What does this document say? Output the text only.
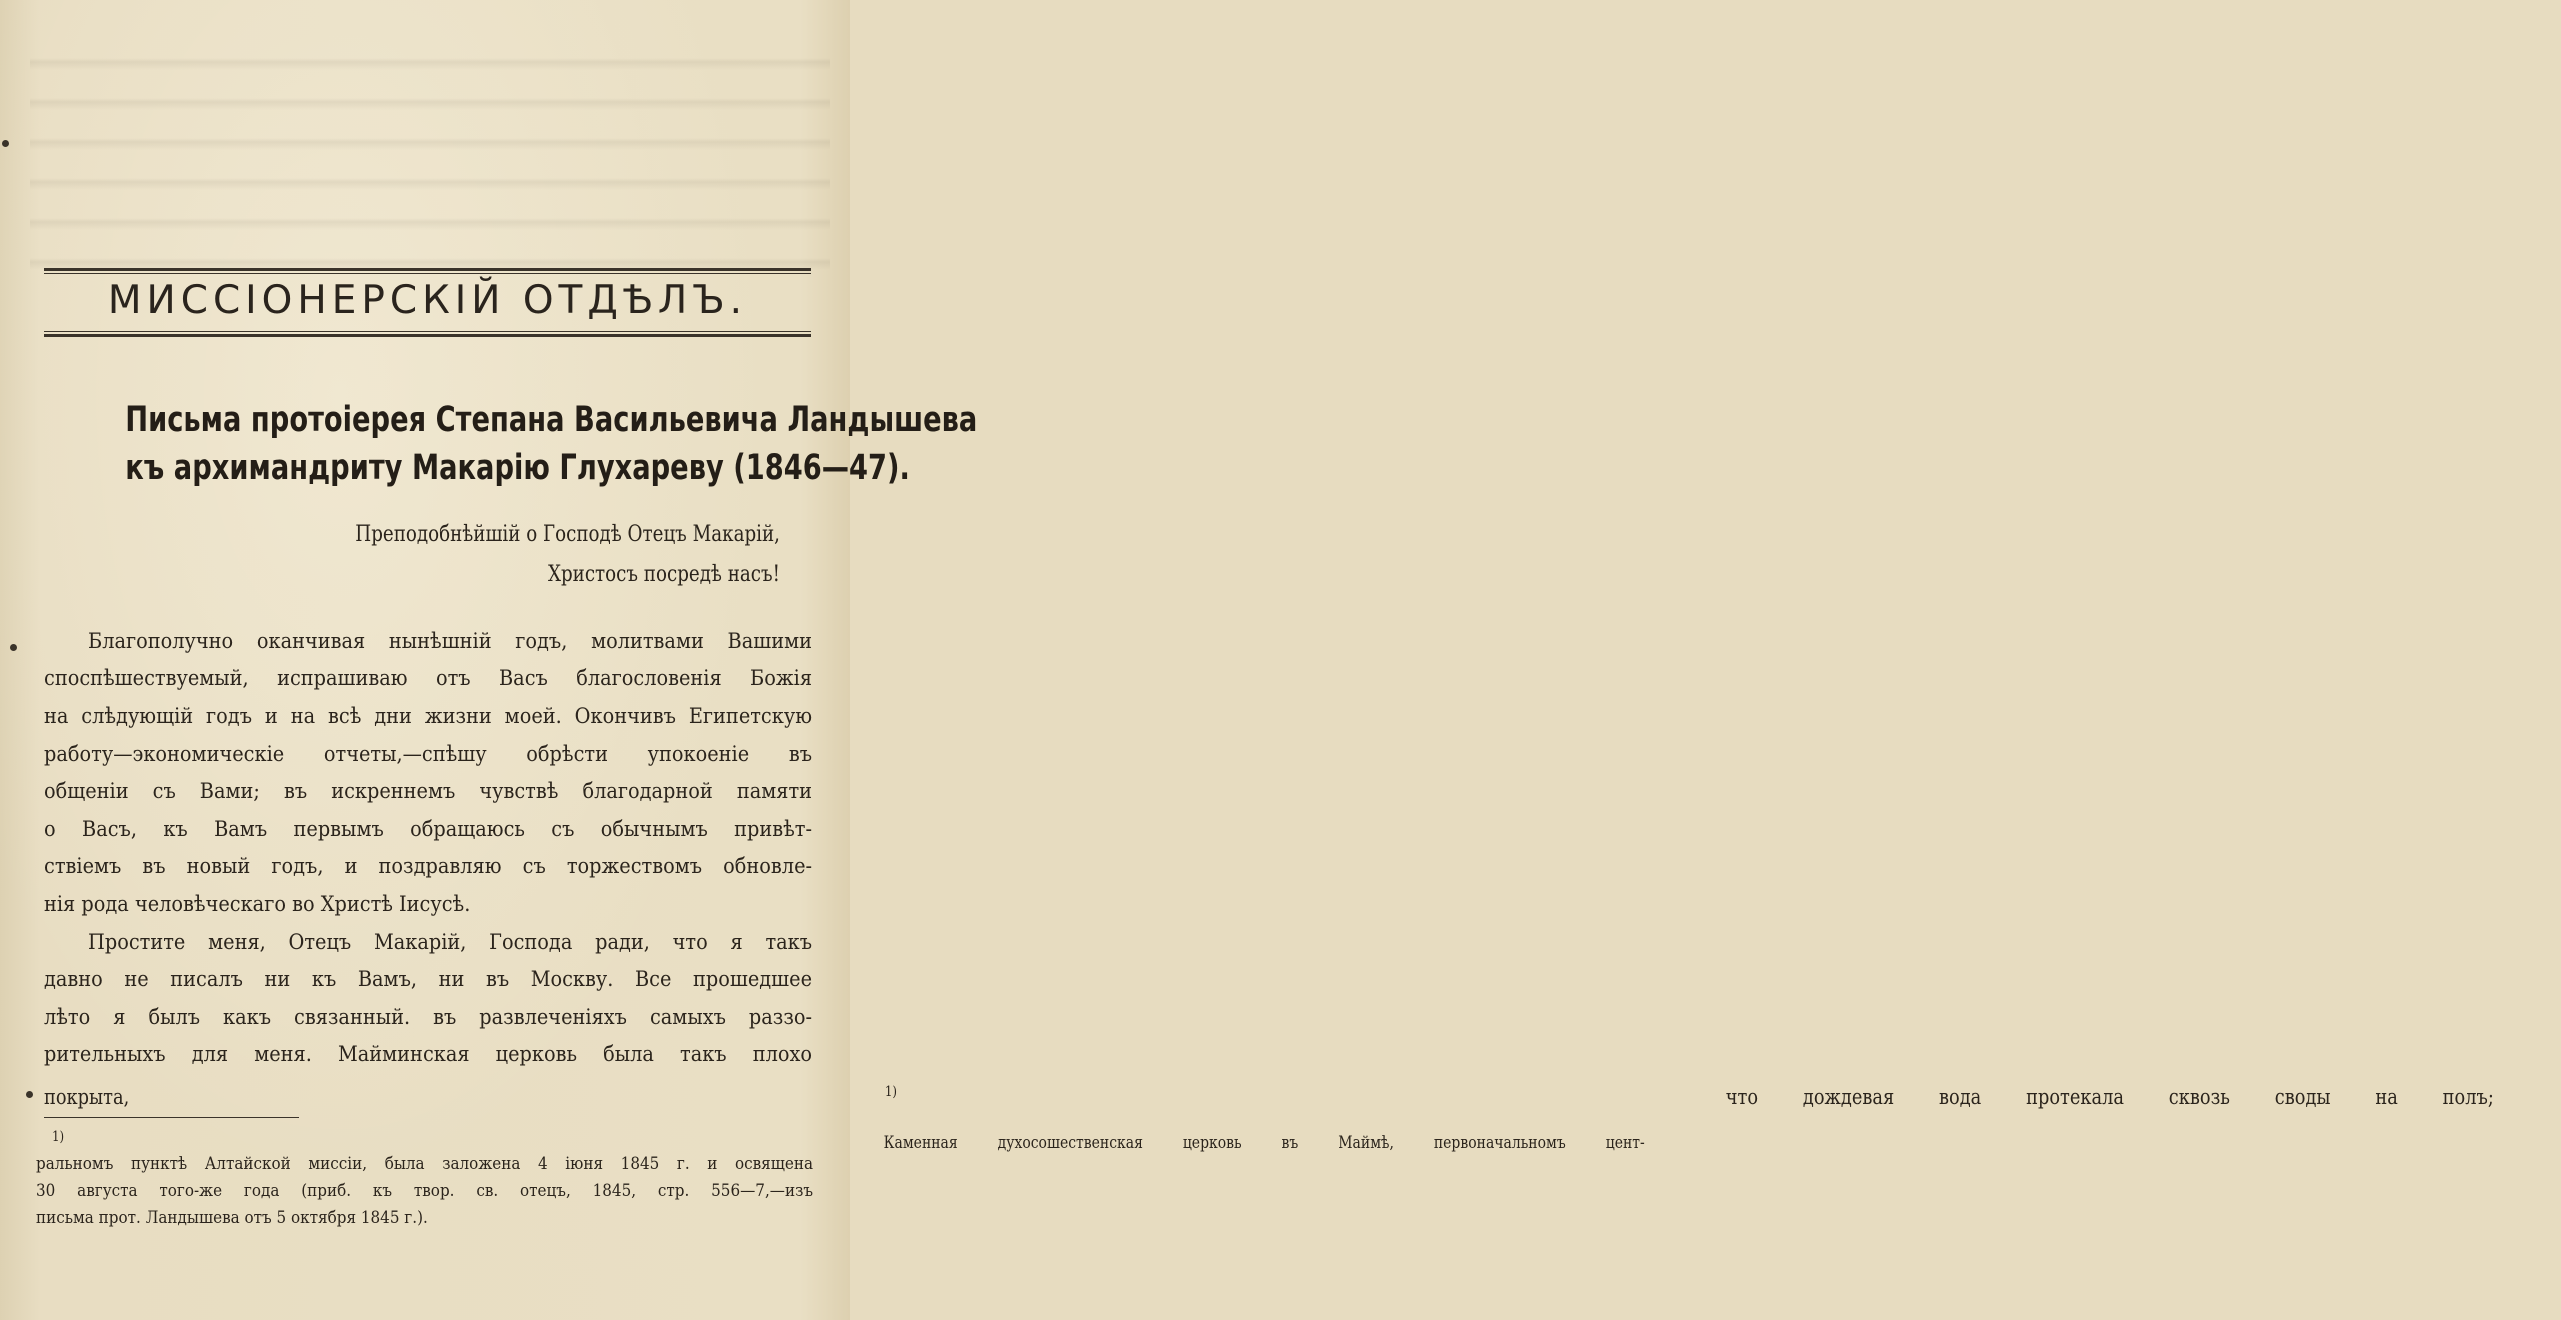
МИССІОНЕРСКІЙ ОТДѢЛЪ.
Письма протоіерея Степана Васильевича Ландышева
къ архимандриту Макарію Глухареву (1846—47).
Преподобнѣйшій о Господѣ Отецъ Макарій,
Христосъ посредѣ насъ!
Благополучно оканчивая нынѣшній годъ, молитвами Вашими
споспѣшествуемый, испрашиваю отъ Васъ благословенія Божія
на слѣдующій годъ и на всѣ дни жизни моей. Окончивъ Египетскую
работу—экономическіе отчеты,—спѣшу обрѣсти упокоеніе въ
общеніи съ Вами; въ искреннемъ чувствѣ благодарной памяти
о Васъ, къ Вамъ первымъ обращаюсь съ обычнымъ привѣт-
ствіемъ въ новый годъ, и поздравляю съ торжествомъ обновле-
нія рода человѣческаго во Христѣ Іисусѣ.
Простите меня, Отецъ Макарій, Господа ради, что я такъ
давно не писалъ ни къ Вамъ, ни въ Москву. Все прошедшее
лѣто я былъ какъ связанный. въ развлеченіяхъ самыхъ раззо-
рительныхъ для меня. Майминская церковь была такъ плохо
покрыта,	1)	что дождевая вода протекала сквозь своды на полъ;
1)	Каменная духосошественская церковь въ Маймѣ, первоначальномъ цент-
ральномъ пунктѣ Алтайской миссіи, была заложена 4 іюня 1845 г. и освящена
30 августа того-же года (приб. къ твор. св. отецъ, 1845, стр. 556—7,—изъ
письма прот. Ландышева отъ 5 октября 1845 г.).
